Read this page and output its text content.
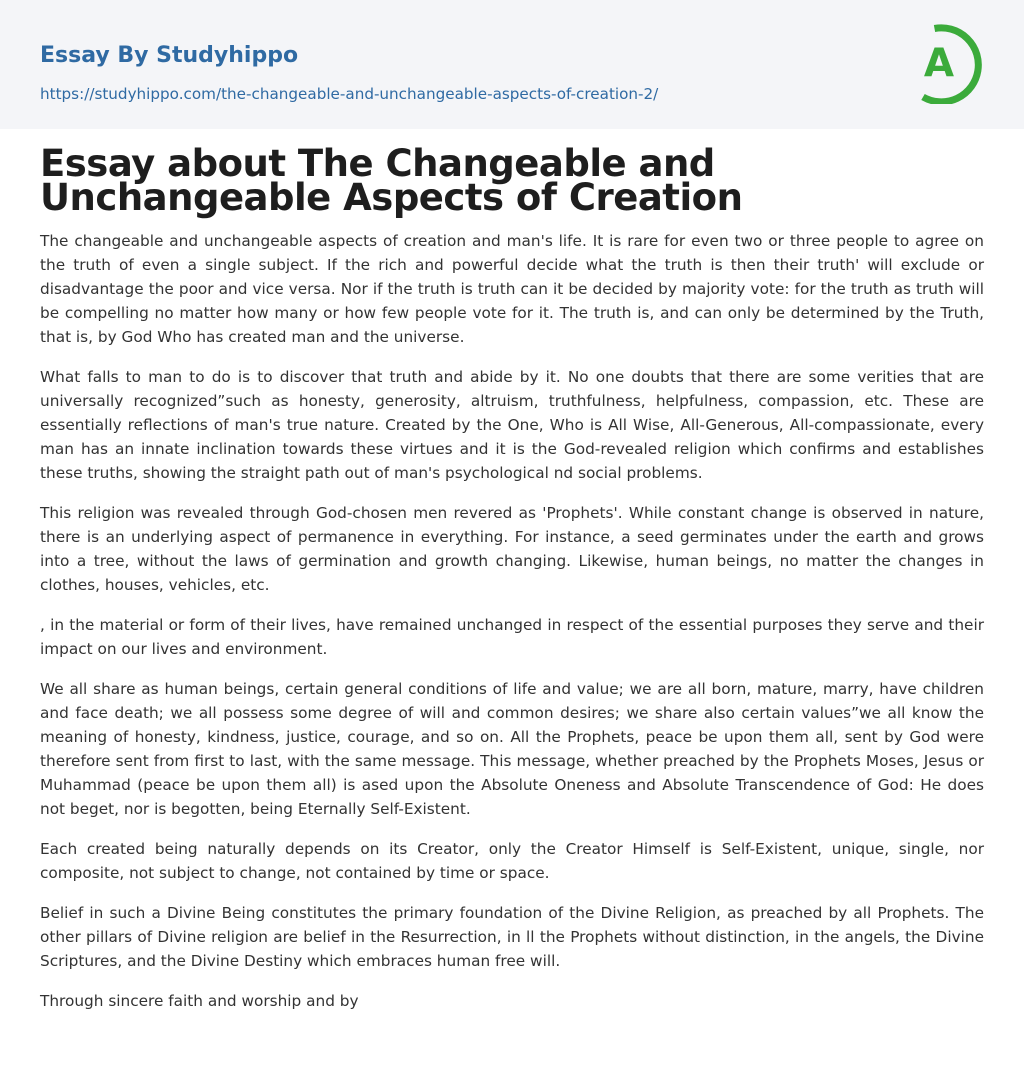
Essay By Studyhippo
https://studyhippo.com/the-changeable-and-unchangeable-aspects-of-creation-2/
A
Essay about The Changeable and Unchangeable Aspects of Creation

The changeable and unchangeable aspects of creation and man's life. It is rare for even two or three people to agree on the truth of even a single subject. If the rich and powerful decide what the truth is then their truth' will exclude or disadvantage the poor and vice versa. Nor if the truth is truth can it be decided by majority vote: for the truth as truth will be compelling no matter how many or how few people vote for it. The truth is, and can only be determined by the Truth, that is, by God Who has created man and the universe.

What falls to man to do is to discover that truth and abide by it. No one doubts that there are some verities that are universally recognized”such as honesty, generosity, altruism, truthfulness, helpfulness, compassion, etc. These are essentially reflections of man's true nature. Created by the One, Who is All Wise, All-Generous, All-compassionate, every man has an innate inclination towards these virtues and it is the God-revealed religion which confirms and establishes these truths, showing the straight path out of man's psychological nd social problems.

This religion was revealed through God-chosen men revered as 'Prophets'. While constant change is observed in nature, there is an underlying aspect of permanence in everything. For instance, a seed germinates under the earth and grows into a tree, without the laws of germination and growth changing. Likewise, human beings, no matter the changes in clothes, houses, vehicles, etc.

, in the material or form of their lives, have remained unchanged in respect of the essential purposes they serve and their impact on our lives and environment.

We all share as human beings, certain general conditions of life and value; we are all born, mature, marry, have children and face death; we all possess some degree of will and common desires; we share also certain values”we all know the meaning of honesty, kindness, justice, courage, and so on. All the Prophets, peace be upon them all, sent by God were therefore sent from first to last, with the same message. This message, whether preached by the Prophets Moses, Jesus or Muhammad (peace be upon them all) is ased upon the Absolute Oneness and Absolute Transcendence of God: He does not beget, nor is begotten, being Eternally Self-Existent.

Each created being naturally depends on its Creator, only the Creator Himself is Self-Existent, unique, single, nor composite, not subject to change, not contained by time or space.

Belief in such a Divine Being constitutes the primary foundation of the Divine Religion, as preached by all Prophets. The other pillars of Divine religion are belief in the Resurrection, in ll the Prophets without distinction, in the angels, the Divine Scriptures, and the Divine Destiny which embraces human free will.

Through sincere faith and worship and by
